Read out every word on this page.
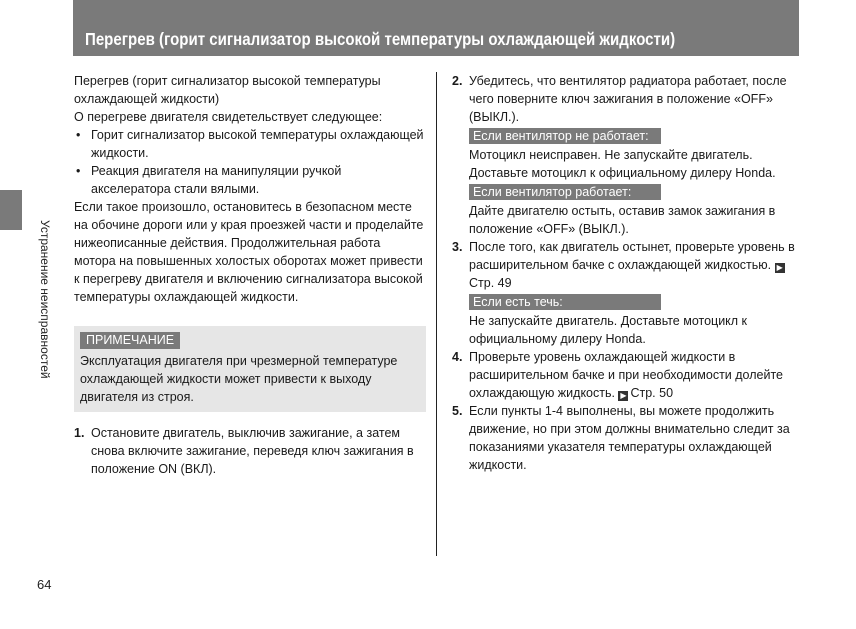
Перегрев (горит сигнализатор высокой температуры охлаждающей жидкости)
Устранение неисправностей
64

Перегрев (горит сигнализатор высокой температуры охлаждающей жидкости)

О перегреве двигателя свидетельствует следующее:

• Горит сигнализатор высокой температуры охлаждающей жидкости.
• Реакция двигателя на манипуляции ручкой акселератора стали вялыми.

Если такое произошло, остановитесь в безопасном месте на обочине дороги или у края проезжей части и проделайте нижеописанные действия. Продолжительная работа мотора на повышенных холостых оборотах может привести к перегреву двигателя и включению сигнализатора высокой температуры охлаждающей жидкости.

ПРИМЕЧАНИЕ

Эксплуатация двигателя при чрезмерной температуре охлаждающей жидкости может привести к выходу двигателя из строя.

1. Остановите двигатель, выключив зажигание, а затем снова включите зажигание, переведя ключ зажигания в положение ON (ВКЛ).
2. Убедитесь, что вентилятор радиатора работает, после чего поверните ключ зажигания в положение «OFF» (ВЫКЛ.).

Если вентилятор не работает:

Мотоцикл неисправен. Не запускайте двигатель. Доставьте мотоцикл к официальному дилеру Honda.

Если вентилятор работает:

Дайте двигателю остыть, оставив замок зажигания в положение «OFF» (ВЫКЛ.).

3. После того, как двигатель остынет, проверьте уровень в расширительном бачке с охлаждающей жидкостью. ▶Стр. 49

Если есть течь:

Не запускайте двигатель. Доставьте мотоцикл к официальному дилеру Honda.

4. Проверьте уровень охлаждающей жидкости в расширительном бачке и при необходимости долейте охлаждающую жидкость. ▶ Стр. 50

5. Если пункты 1-4 выполнены, вы можете продолжить движение, но при этом должны внимательно следит за показаниями указателя температуры охлаждающей жидкости.
